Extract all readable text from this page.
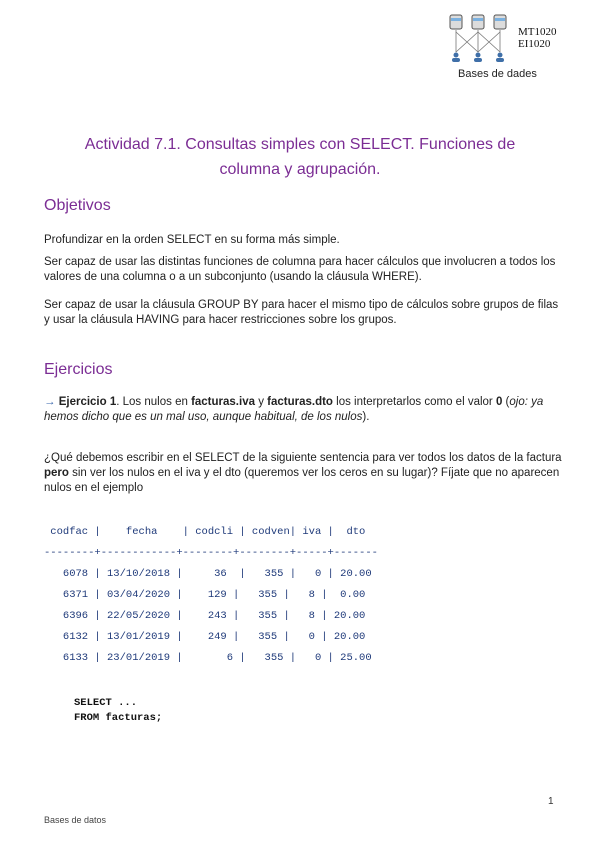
MT1020
EI1020
Bases de dades
Actividad 7.1. Consultas simples con SELECT. Funciones de
columna y agrupación.
Objetivos

Profundizar en la orden SELECT en su forma más simple.

Ser capaz de usar las distintas funciones de columna para hacer cálculos que involucren a todos los valores de una columna o a un subconjunto (usando la cláusula WHERE).

Ser capaz de usar la cláusula GROUP BY para hacer el mismo tipo de cálculos sobre grupos de filas y usar la cláusula HAVING para hacer restricciones sobre los grupos.

Ejercicios

→ Ejercicio 1. Los nulos en facturas.iva y facturas.dto los interpretarlos como el valor 0 (ojo: ya hemos dicho que es un mal uso, aunque habitual, de los nulos).

¿Qué debemos escribir en el SELECT de la siguiente sentencia para ver todos los datos de la factura pero sin ver los nulos en el iva y el dto (queremos ver los ceros en su lugar)? Fíjate que no aparecen nulos en el ejemplo

codfac |    fecha    | codcli | codven| iva |  dto
--------+------------+--------+--------+-----+-------
6078 | 13/10/2018 |     36  |   355 |   0 | 20.00
6371 | 03/04/2020 |    129 |   355 |   8 |  0.00
6396 | 22/05/2020 |    243 |   355 |   8 | 20.00
6132 | 13/01/2019 |    249 |   355 |   0 | 20.00
6133 | 23/01/2019 |       6 |   355 |   0 | 25.00
SELECT ...
FROM facturas;
1
Bases de datos
